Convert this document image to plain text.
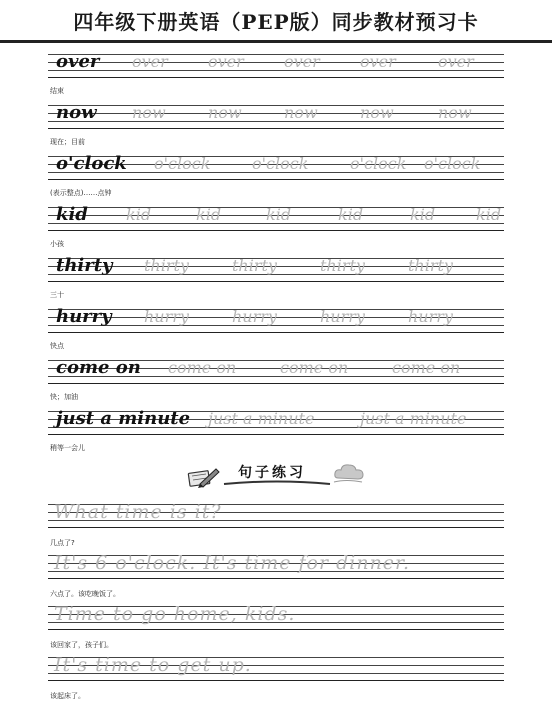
四年级下册英语（PEP版）同步教材预习卡
over over	over	over	over	over
结束
now now	now	now	now	now
现在；目前
o'clock o'clock	o'clock	o'clock o'clock
(表示整点)……点钟
kid kid	kid	kid	kid	kid	kid
小孩
thirty thirty	thirty	thirty	thirty
三十
hurry hurry	hurry	hurry	hurry
快点
come on come on	come on	come on
快；加油
just a minute just a minute	just a minute
稍等一会儿
句子练习
What time is it?
几点了?
It's 6 o'clock. It's time for dinner.
六点了。该吃晚饭了。
Time to go home, kids.
该回家了，孩子们。
It's time to get up.
该起床了。
